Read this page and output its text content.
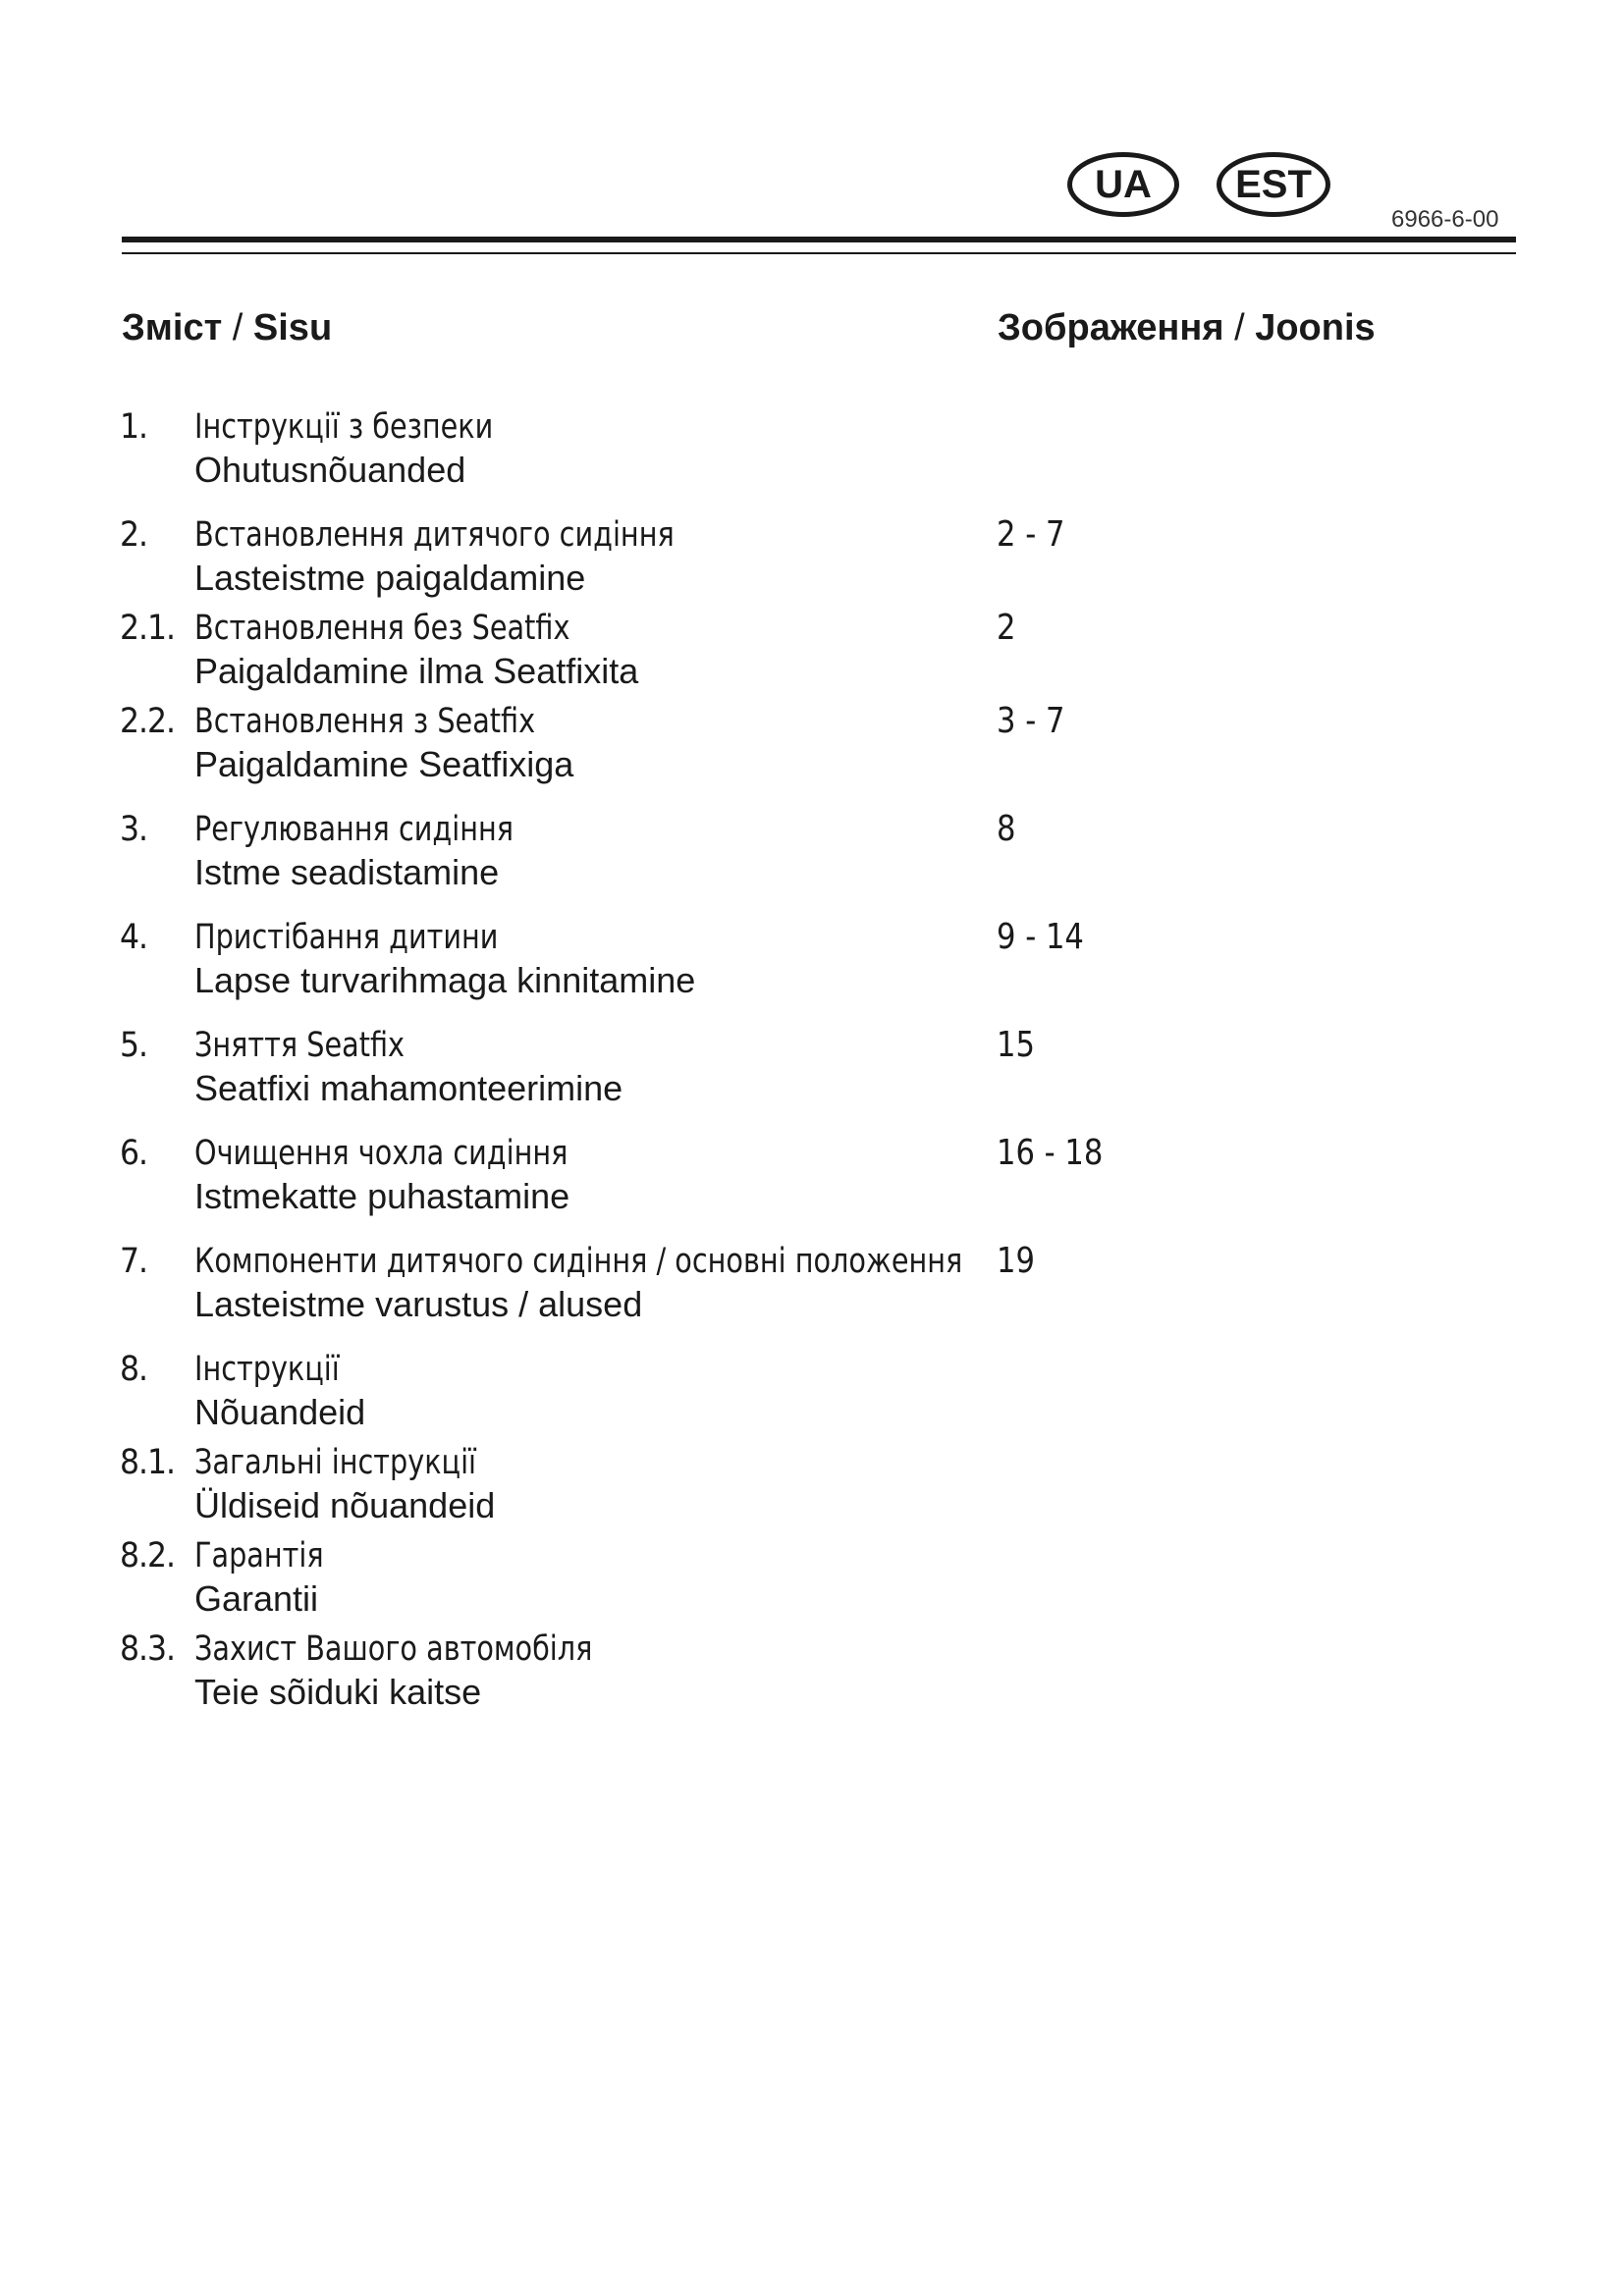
UA	EST
6966-6-00
Зміст / Sisu	Зображення / Joonis
1. Інструкції з безпеки
Ohutusnõuanded
2. Встановлення дитячого сидіння
Lasteistme paigaldamine
2 - 7
2.1. Встановлення без Seatfix
Paigaldamine ilma Seatfixita
2
2.2. Встановлення з Seatfix
Paigaldamine Seatfixiga
3 - 7
3. Регулювання сидіння
Istme seadistamine
8
4. Пристібання дитини
Lapse turvarihmaga kinnitamine
9 - 14
5. Зняття Seatfix
Seatfixi mahamonteerimine
15
6. Очищення чохла сидіння
Istmekatte puhastamine
16 - 18
7. Компоненти дитячого сидіння / основні положення
Lasteistme varustus / alused
19
8. Інструкції
Nõuandeid
8.1. Загальні інструкції
Üldiseid nõuandeid
8.2. Гарантія
Garantii
8.3. Захист Вашого автомобіля
Teie sõiduki kaitse
